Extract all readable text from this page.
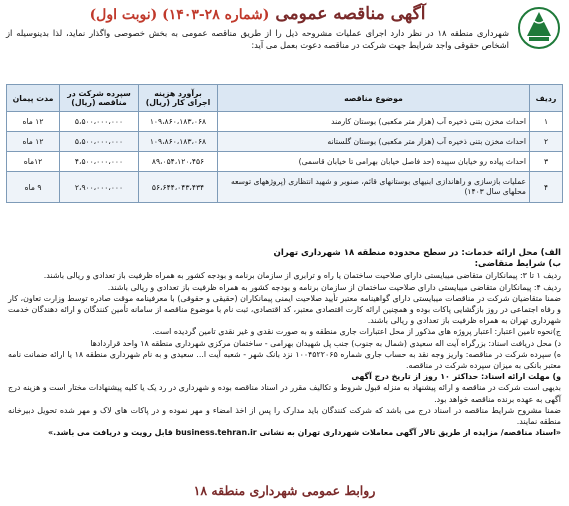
آگهی مناقصه عمومی (شماره ۲۸-۱۴۰۳) (نوبت اول)
شهرداری منطقه ۱۸ در نظر دارد اجرای عملیات مشروحه ذیل را از طریق مناقصه عمومی به بخش خصوصی واگذار نماید، لذا بدینوسیله از اشخاص حقوقی واجد شرایط جهت شرکت در مناقصه دعوت بعمل می آید:
ردیف	موضوع مناقصه	برآورد هزینه اجرای کار (ریال)	سپرده شرکت در مناقصه (ریال)	مدت پیمان
۱	احداث مخزن بتنی ذخیره آب (هزار متر مکعبی) بوستان کارمند	۱۰۹،۸۶۰،۱۸۳،۰۶۸	۵،۵۰۰،۰۰۰،۰۰۰	۱۲ ماه
۲	احداث مخزن بتنی ذخیره آب (هزار متر مکعبی) بوستان گلستانه	۱۰۹،۸۶۰،۱۸۳،۰۶۸	۵،۵۰۰،۰۰۰،۰۰۰	۱۲ ماه
۳	احداث پیاده رو خیابان سپیده (حد فاصل خیابان بهرامی تا خیابان قاسمی)	۸۹،۰۵۴،۱۲۰،۴۵۶	۴،۵۰۰،۰۰۰،۰۰۰	۱۲ماه
۴	عملیات بازسازی و راهاندازی ابنیهای بوستانهای قائم، صنوبر و شهید انتظاری (پروژههای توسعه محلهای سال ۱۴۰۳)	۵۶،۶۴۴،۰۴۳،۴۳۴	۲،۹۰۰،۰۰۰،۰۰۰	۹ ماه

الف) محل ارائه خدمات: در سطح محدوده منطقه ۱۸ شهرداری تهران

ب) شرایط متقاضی:

ردیف ۱ تا ۳: پیمانکاران متقاضی میبایستی دارای صلاحیت ساختمان یا راه و ترابری از سازمان برنامه و بودجه کشور به همراه ظرفیت باز تعدادی و ریالی باشند.

ردیف ۴: پیمانکاران متقاضی میبایستی دارای صلاحیت ساختمان از سازمان برنامه و بودجه کشور به همراه ظرفیت باز تعدادی و ریالی باشند.

ضمنا متقاضیان شرکت در مناقصات میبایستی دارای گواهینامه معتبر تأیید صلاحیت ایمنی پیمانکاران (حقیقی و حقوقی) با معرفینامه موقت صادره توسط وزارت تعاون، کار و رفاه اجتماعی در روز بازگشایی پاکات بوده و همچنین ارائه کارت اقتصادی معتبر، کد اقتصادی، ثبت نام با موضوع مناقصه از سامانه تأمین کنندگان و ارائه دهندگان خدمت شهرداری تهران به همراه ظرفیت باز تعدادی و ریالی باشند.

ج)نحوه تامین اعتبار: اعتبار پروژه های مذکور از محل اعتبارات جاری منطقه و به صورت نقدی و غیر نقدی تامین گردیده است.

د) محل دریافت اسناد: بزرگراه آیت اله سعیدی (شمال به جنوب) جنب پل شهیدان بهرامی - ساختمان مرکزی شهرداری منطقه ۱۸ واحد قراردادها

ه) سپرده شرکت در مناقصه: واریز وجه نقد به حساب جاری شماره ۱۰۰۴۵۲۲۰۶۵ نزد بانک شهر - شعبه آیت ا... سعیدی و به نام شهرداری منطقه ۱۸ یا ارائه ضمانت نامه معتبر بانکی به میزان سپرده شرکت در مناقصه.

و) مهلت ارائه اسناد: حداکثر ۱۰ روز از تاریخ درج آگهی

بدیهی است شرکت در مناقصه و ارائه پیشنهاد به منزله قبول شروط و تکالیف مقرر در اسناد مناقصه بوده و شهرداری در رد یک یا کلیه پیشنهادات مختار است و هزینه درج آگهی به عهده برنده مناقصه خواهد بود.

ضمنا مشروح شرایط مناقصه در اسناد درج می باشد که شرکت کنندگان باید مدارک را پس از اخذ امضاء و مهر نموده و در پاکات های لاک و مهر شده تحویل دبیرخانه منطقه نمایند.

«اسناد مناقصه/ مزایده از طریق تالار آگهی معاملات شهرداری تهران به نشانی business.tehran.ir قابل رویت و دریافت می باشد.»

روابط عمومی شهرداری منطقه ۱۸
